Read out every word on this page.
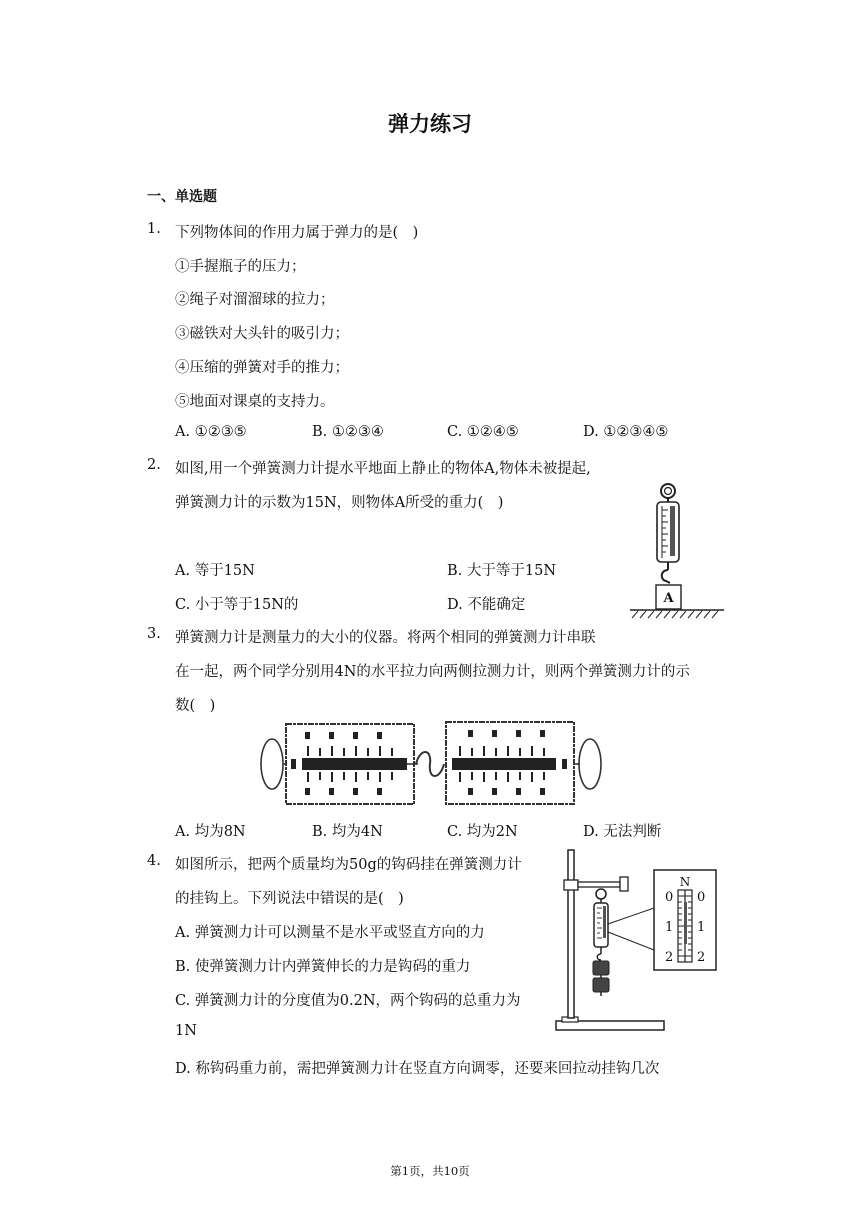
弹力练习
一、单选题
1. 下列物体间的作用力属于弹力的是(　)
①手握瓶子的压力；
②绳子对溜溜球的拉力；
③磁铁对大头针的吸引力；
④压缩的弹簧对手的推力；
⑤地面对课桌的支持力。
A. ①②③⑤	B. ①②③④	C. ①②④⑤	D. ①②③④⑤
2. 如图,用一个弹簧测力计提水平地面上静止的物体A,物体未被提起,
弹簧测力计的示数为15N，则物体A所受的重力(　)
A. 等于15N	B. 大于等于15N
C. 小于等于15N的	D. 不能确定	A
3. 弹簧测力计是测量力的大小的仪器。将两个相同的弹簧测力计串联
在一起，两个同学分别用4N的水平拉力向两侧拉测力计，则两个弹簧测力计的示
数(　)
A. 均为8N	B. 均为4N	C. 均为2N	D. 无法判断
4. 如图所示，把两个质量均为50g的钩码挂在弹簧测力计
的挂钩上。下列说法中错误的是(　)
A. 弹簧测力计可以测量不是水平或竖直方向的力
B. 使弹簧测力计内弹簧伸长的力是钩码的重力
C. 弹簧测力计的分度值为0.2N，两个钩码的总重力为
1N
D. 称钩码重力前，需把弹簧测力计在竖直方向调零，还要来回拉动挂钩几次
N
0
1
2
0
1
2
第1页，共10页
